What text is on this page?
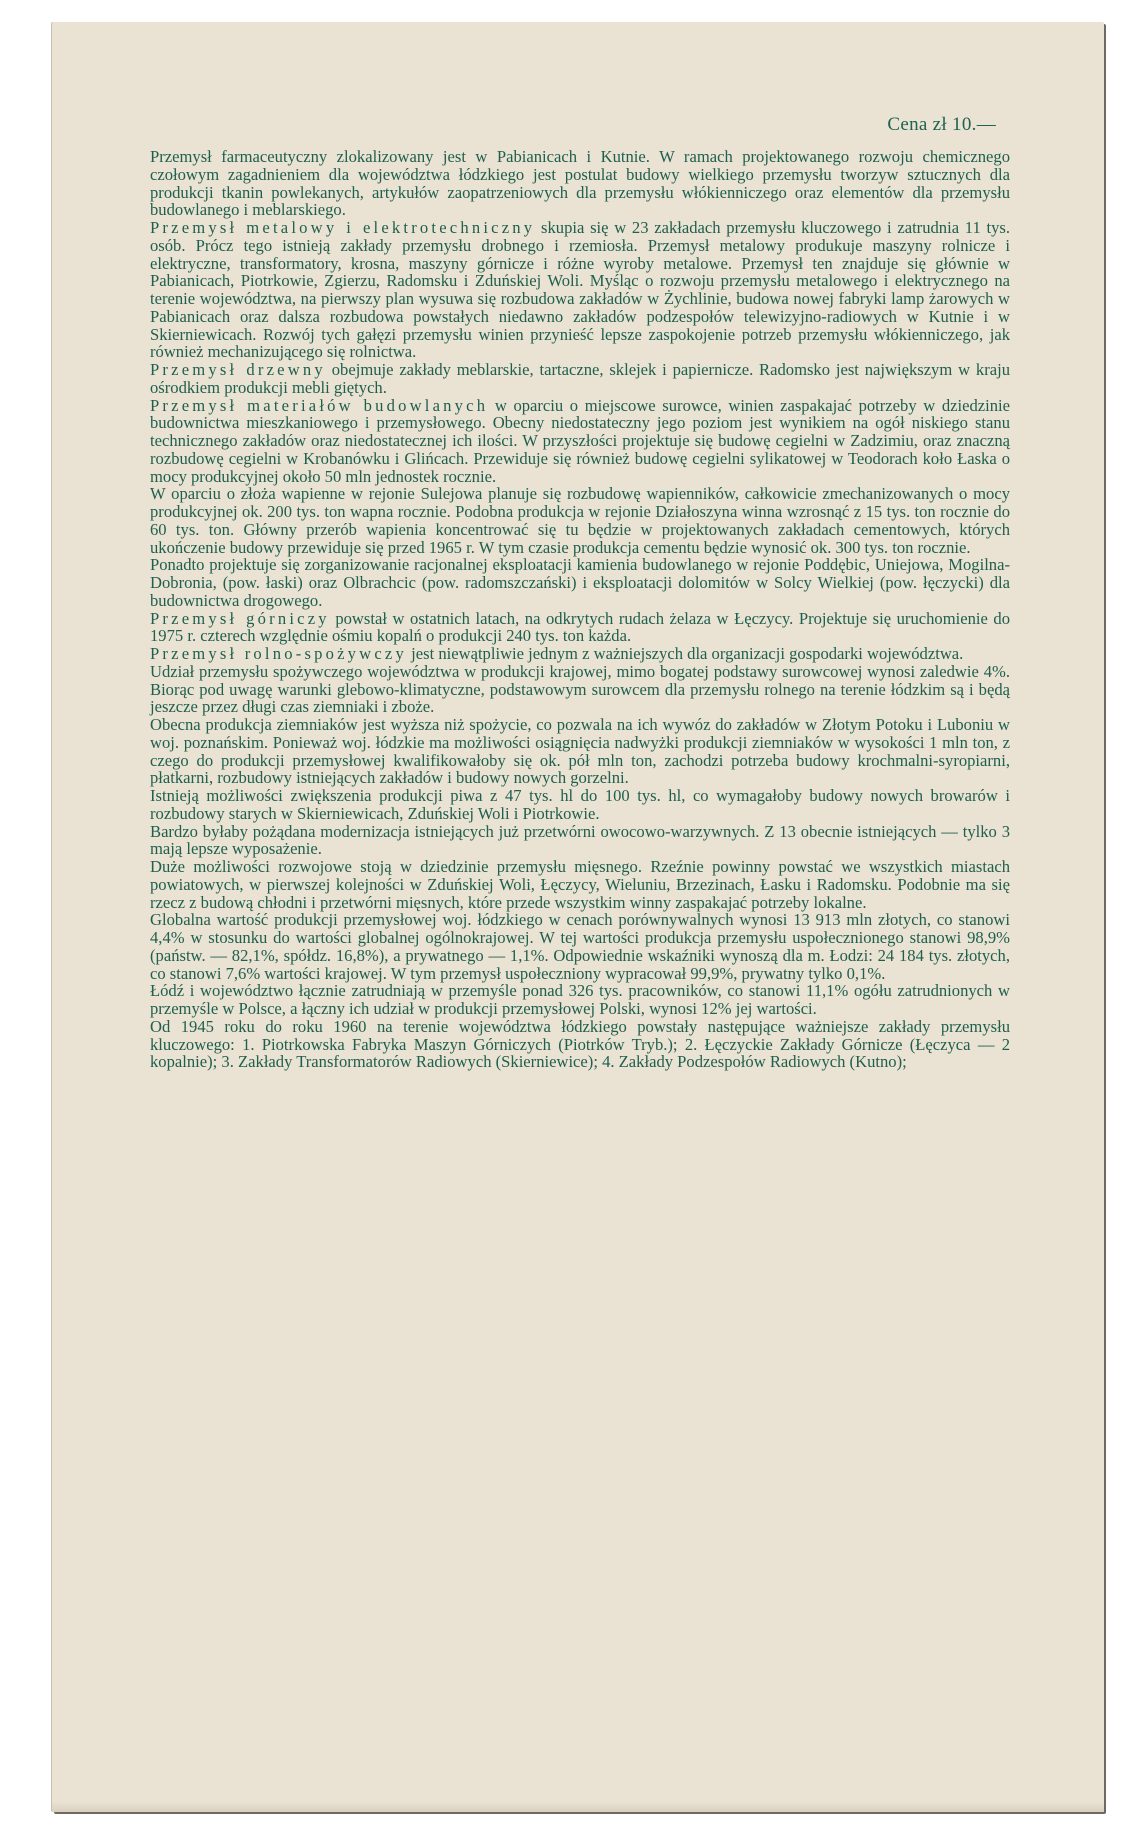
Cena zł 10.—

Przemysł farmaceutyczny zlokalizowany jest w Pabianicach i Kutnie. W ramach projektowanego rozwoju chemicznego czołowym zagadnieniem dla województwa łódzkiego jest postulat budowy wielkiego przemysłu tworzyw sztucznych dla produkcji tkanin powlekanych, artykułów zaopatrzeniowych dla przemysłu włókienniczego oraz elementów dla przemysłu budowlanego i meblarskiego.

Przemysł metalowy i elektrotechniczny skupia się w 23 zakładach przemysłu kluczowego i zatrudnia 11 tys. osób. Prócz tego istnieją zakłady przemysłu drobnego i rzemiosła. Przemysł metalowy produkuje maszyny rolnicze i elektryczne, transformatory, krosna, maszyny górnicze i różne wyroby metalowe. Przemysł ten znajduje się głównie w Pabianicach, Piotrkowie, Zgierzu, Radomsku i Zduńskiej Woli. Myśląc o rozwoju przemysłu metalowego i elektrycznego na terenie województwa, na pierwszy plan wysuwa się rozbudowa zakładów w Żychlinie, budowa nowej fabryki lamp żarowych w Pabianicach oraz dalsza rozbudowa powstałych niedawno zakładów podzespołów telewizyjno-radiowych w Kutnie i w Skierniewicach. Rozwój tych gałęzi przemysłu winien przynieść lepsze zaspokojenie potrzeb przemysłu włókienniczego, jak również mechanizującego się rolnictwa.

Przemysł drzewny obejmuje zakłady meblarskie, tartaczne, sklejek i papiernicze. Radomsko jest największym w kraju ośrodkiem produkcji mebli giętych.

Przemysł materiałów budowlanych w oparciu o miejscowe surowce, winien zaspakajać potrzeby w dziedzinie budownictwa mieszkaniowego i przemysłowego. Obecny niedostateczny jego poziom jest wynikiem na ogół niskiego stanu technicznego zakładów oraz niedostatecznej ich ilości. W przyszłości projektuje się budowę cegielni w Zadzimiu, oraz znaczną rozbudowę cegielni w Krobanówku i Glińcach. Przewiduje się również budowę cegielni sylikatowej w Teodorach koło Łaska o mocy produkcyjnej około 50 mln jednostek rocznie.

W oparciu o złoża wapienne w rejonie Sulejowa planuje się rozbudowę wapienników, całkowicie zmechanizowanych o mocy produkcyjnej ok. 200 tys. ton wapna rocznie. Podobna produkcja w rejonie Działoszyna winna wzrosnąć z 15 tys. ton rocznie do 60 tys. ton. Główny przerób wapienia koncentrować się tu będzie w projektowanych zakładach cementowych, których ukończenie budowy przewiduje się przed 1965 r. W tym czasie produkcja cementu będzie wynosić ok. 300 tys. ton rocznie.

Ponadto projektuje się zorganizowanie racjonalnej eksploatacji kamienia budowlanego w rejonie Poddębic, Uniejowa, Mogilna-Dobronia, (pow. łaski) oraz Olbrachcic (pow. radomszczański) i eksploatacji dolomitów w Solcy Wielkiej (pow. łęczycki) dla budownictwa drogowego.

Przemysł górniczy powstał w ostatnich latach, na odkrytych rudach żelaza w Łęczycy. Projektuje się uruchomienie do 1975 r. czterech względnie ośmiu kopalń o produkcji 240 tys. ton każda.

Przemysł rolno-spożywczy jest niewątpliwie jednym z ważniejszych dla organizacji gospodarki województwa.

Udział przemysłu spożywczego województwa w produkcji krajowej, mimo bogatej podstawy surowcowej wynosi zaledwie 4%. Biorąc pod uwagę warunki glebowo-klimatyczne, podstawowym surowcem dla przemysłu rolnego na terenie łódzkim są i będą jeszcze przez długi czas ziemniaki i zboże.

Obecna produkcja ziemniaków jest wyższa niż spożycie, co pozwala na ich wywóz do zakładów w Złotym Potoku i Luboniu w woj. poznańskim. Ponieważ woj. łódzkie ma możliwości osiągnięcia nadwyżki produkcji ziemniaków w wysokości 1 mln ton, z czego do produkcji przemysłowej kwalifikowałoby się ok. pół mln ton, zachodzi potrzeba budowy krochmalni-syropiarni, płatkarni, rozbudowy istniejących zakładów i budowy nowych gorzelni.

Istnieją możliwości zwiększenia produkcji piwa z 47 tys. hl do 100 tys. hl, co wymagałoby budowy nowych browarów i rozbudowy starych w Skierniewicach, Zduńskiej Woli i Piotrkowie.

Bardzo byłaby pożądana modernizacja istniejących już przetwórni owocowo-warzywnych. Z 13 obecnie istniejących — tylko 3 mają lepsze wyposażenie.

Duże możliwości rozwojowe stoją w dziedzinie przemysłu mięsnego. Rzeźnie powinny powstać we wszystkich miastach powiatowych, w pierwszej kolejności w Zduńskiej Woli, Łęczycy, Wieluniu, Brzezinach, Łasku i Radomsku. Podobnie ma się rzecz z budową chłodni i przetwórni mięsnych, które przede wszystkim winny zaspakajać potrzeby lokalne.

Globalna wartość produkcji przemysłowej woj. łódzkiego w cenach porównywalnych wynosi 13 913 mln złotych, co stanowi 4,4% w stosunku do wartości globalnej ogólnokrajowej. W tej wartości produkcja przemysłu uspołecznionego stanowi 98,9% (państw. — 82,1%, spółdz. 16,8%), a prywatnego — 1,1%. Odpowiednie wskaźniki wynoszą dla m. Łodzi: 24 184 tys. złotych, co stanowi 7,6% wartości krajowej. W tym przemysł uspołeczniony wypracował 99,9%, prywatny tylko 0,1%.

Łódź i województwo łącznie zatrudniają w przemyśle ponad 326 tys. pracowników, co stanowi 11,1% ogółu zatrudnionych w przemyśle w Polsce, a łączny ich udział w produkcji przemysłowej Polski, wynosi 12% jej wartości.

Od 1945 roku do roku 1960 na terenie województwa łódzkiego powstały następujące ważniejsze zakłady przemysłu kluczowego: 1. Piotrkowska Fabryka Maszyn Górniczych (Piotrków Tryb.); 2. Łęczyckie Zakłady Górnicze (Łęczyca — 2 kopalnie); 3. Zakłady Transformatorów Radiowych (Skierniewice); 4. Zakłady Podzespołów Radiowych (Kutno);
